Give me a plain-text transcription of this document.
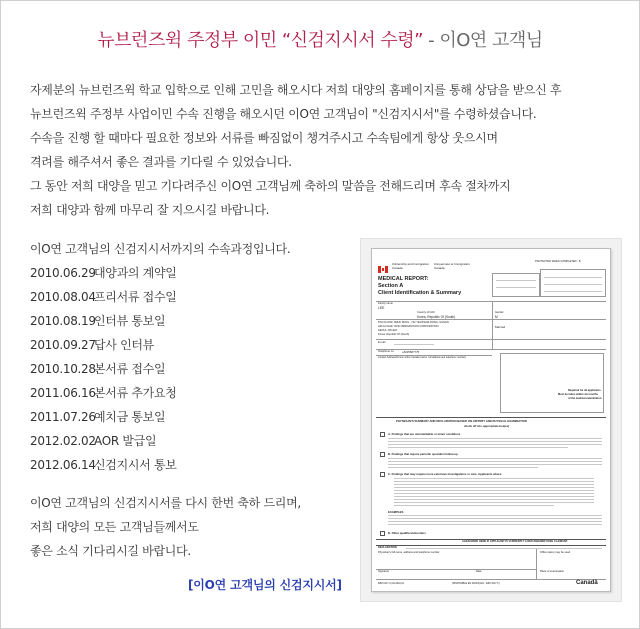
뉴브런즈윅 주정부 이민 “신검지시서 수령” - 이O연 고객님
자제분의 뉴브런즈윅 학교 입학으로 인해 고민을 해오시다 저희 대양의 홈페이지를 통해 상담을 받으신 후
뉴브런즈윅 주정부 사업이민 수속 진행을 해오시던 이O연 고객님이 "신검지시서"를 수령하셨습니다.
수속을 진행 할 때마다 필요한 정보와 서류를 빠짐없이 챙겨주시고 수속팀에게 항상 웃으시며
격려를 해주셔서 좋은 결과를 기다릴 수 있었습니다.
그 동안 저희 대양을 믿고 기다려주신 이O연 고객님께 축하의 말씀을 전해드리며 후속 절차까지
저희 대양과 함께 마무리 잘 지으시길 바랍니다.
이O연 고객님의 신검지시서까지의 수속과정입니다.
2010.06.29대양과의 계약일
2010.08.04프리서류 접수일
2010.08.19인터뷰 통보일
2010.09.27답사 인터뷰
2010.10.28본서류 접수일
2011.06.16본서류 추가요청
2011.07.26예치금 통보일
2012.02.02AOR 발급일
2012.06.14신검지시서 통보
이O연 고객님의 신검지시서를 다시 한번 축하 드리며,
저희 대양의 모든 고객님들께서도
좋은 소식 기다리시길 바랍니다.
[이O연 고객님의 신검지시서]
Citizenship and Immigration Canada
Citoyenneté et Immigration Canada
PROTECTED WHEN COMPLETED - B
MEDICAL REPORT:
Section A
Client Identification & Summary
Family name
LEE
Country of birth
Korea, Republic Of (South)
Gender
M
8TH FLOOR, 9MHC BLDG., 722 YEOKSAM-DONG, GANGN
AM-GU DAE YANG IMMIGRATION CORPORATION
SEOUL 135-926
Korea, Republic Of (South)
Married
E-mail
Telephone no.	+8225587775
Contact Address/Person within Canada (name, full address and telephone number)
Required for all applicants.
Must be taken within six months
of the medical examination.
PHYSICIAN'S SUMMARY AND DECLARATION BASED ON HISTORY AND PHYSICAL EXAMINATION
check off ALL appropriate box(es)
A. Findings that are unremarkable or minor conditions
B. Findings that require periodic specialist follow-up
C. Findings that may require more extensive investigations or care. Applicants where:
EXAMPLES
D. Other qualifiers/disorders
ALIEN MARK HERE IF APPLICANT IS CURRENTLY A REFUGEE/REFUGEE CLAIMANT
DECLARATION
Physician's full name, address and telephone number	Office stamp may be used
Signature	Date	Place of examination
IMM 1017 A (04-2010) E	(DISPONIBLE EN FRANÇAIS - IMM 1017 F)	Canadä
